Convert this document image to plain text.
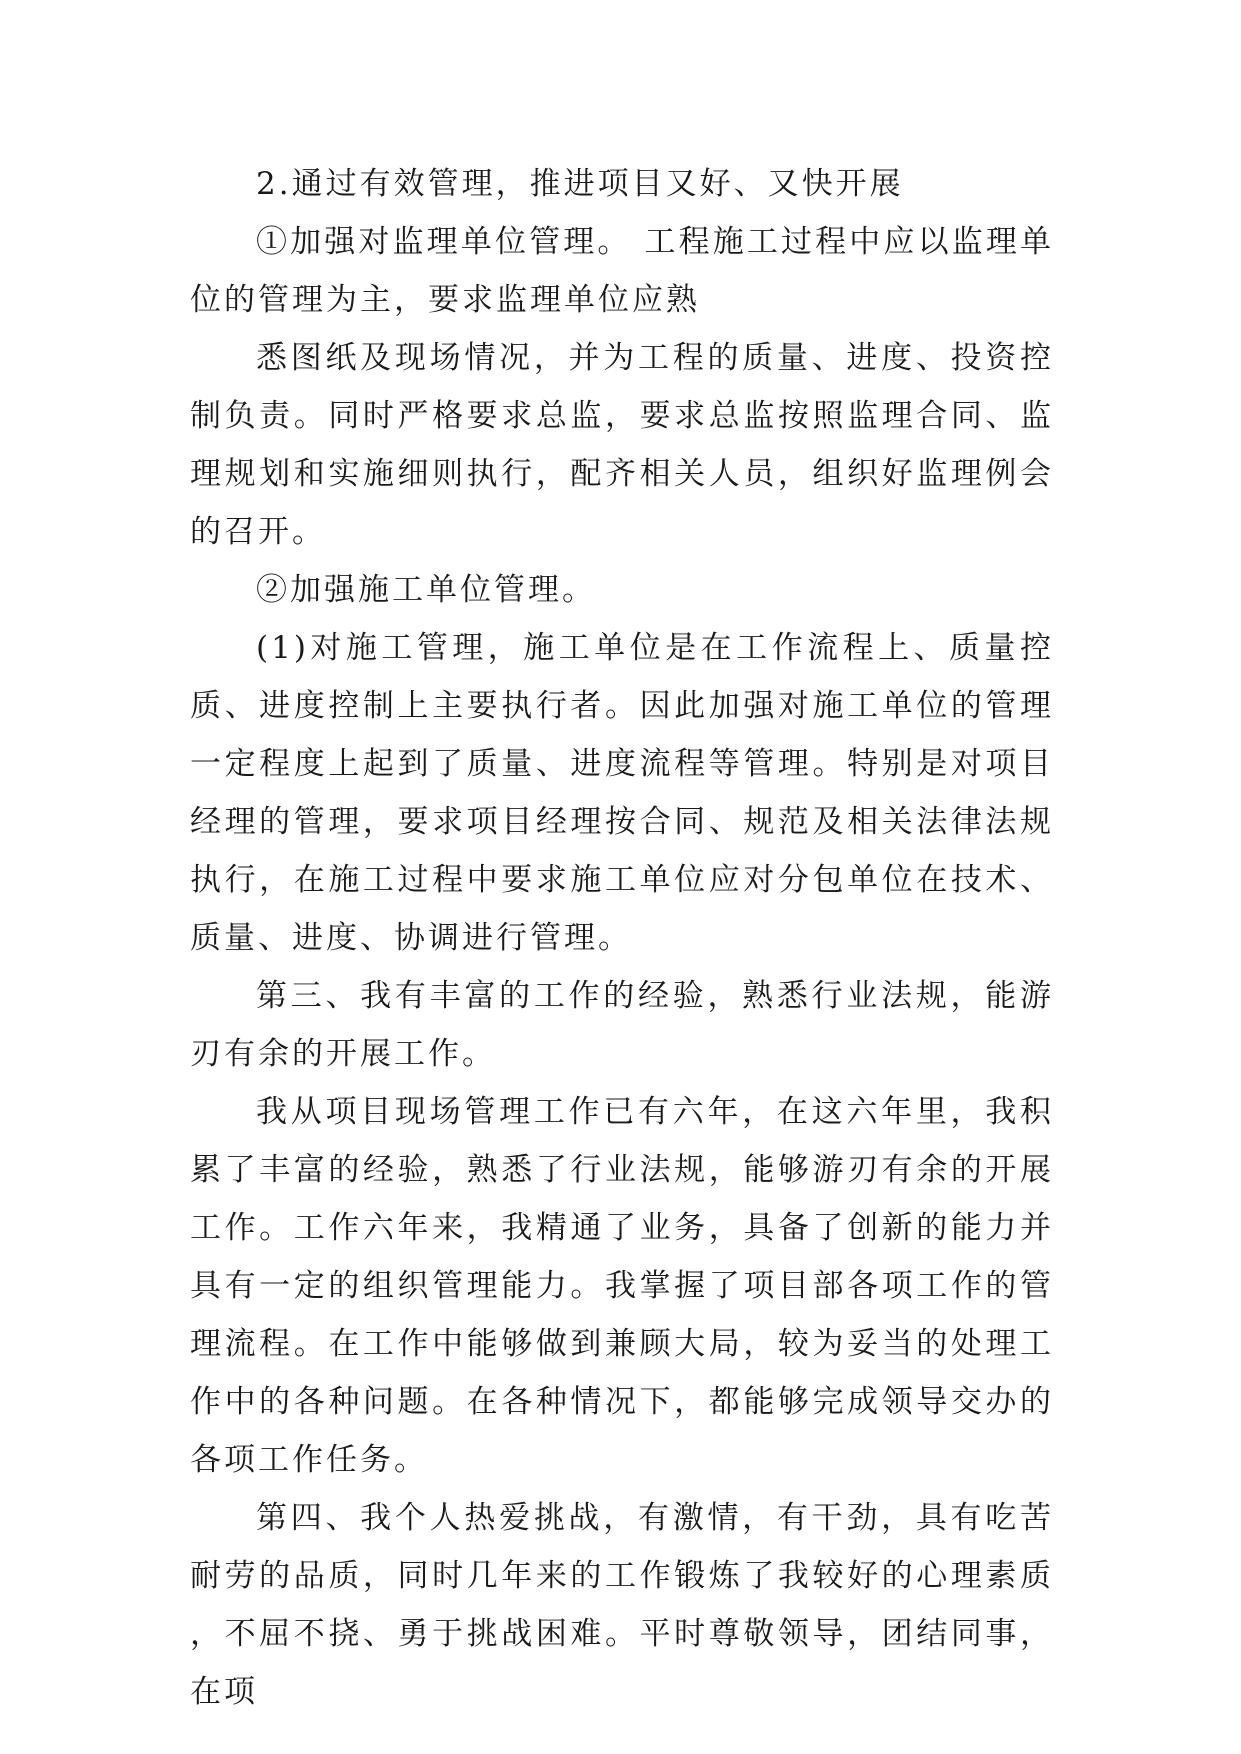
2.通过有效管理，推进项目又好、又快开展

①加强对监理单位管理。 工程施工过程中应以监理单位的管理为主，要求监理单位应熟

悉图纸及现场情况，并为工程的质量、进度、投资控制负责。同时严格要求总监，要求总监按照监理合同、监理规划和实施细则执行，配齐相关人员，组织好监理例会的召开。

②加强施工单位管理。

(1)对施工管理，施工单位是在工作流程上、质量控质、进度控制上主要执行者。因此加强对施工单位的管理一定程度上起到了质量、进度流程等管理。特别是对项目经理的管理，要求项目经理按合同、规范及相关法律法规执行，在施工过程中要求施工单位应对分包单位在技术、质量、进度、协调进行管理。

第三、我有丰富的工作的经验，熟悉行业法规，能游刃有余的开展工作。

我从项目现场管理工作已有六年，在这六年里，我积累了丰富的经验，熟悉了行业法规，能够游刃有余的开展工作。工作六年来，我精通了业务，具备了创新的能力并具有一定的组织管理能力。我掌握了项目部各项工作的管理流程。在工作中能够做到兼顾大局，较为妥当的处理工作中的各种问题。在各种情况下，都能够完成领导交办的各项工作任务。

第四、我个人热爱挑战，有激情，有干劲，具有吃苦耐劳的品质，同时几年来的工作锻炼了我较好的心理素质 ，不屈不挠、勇于挑战困难。平时尊敬领导，团结同事，在项
